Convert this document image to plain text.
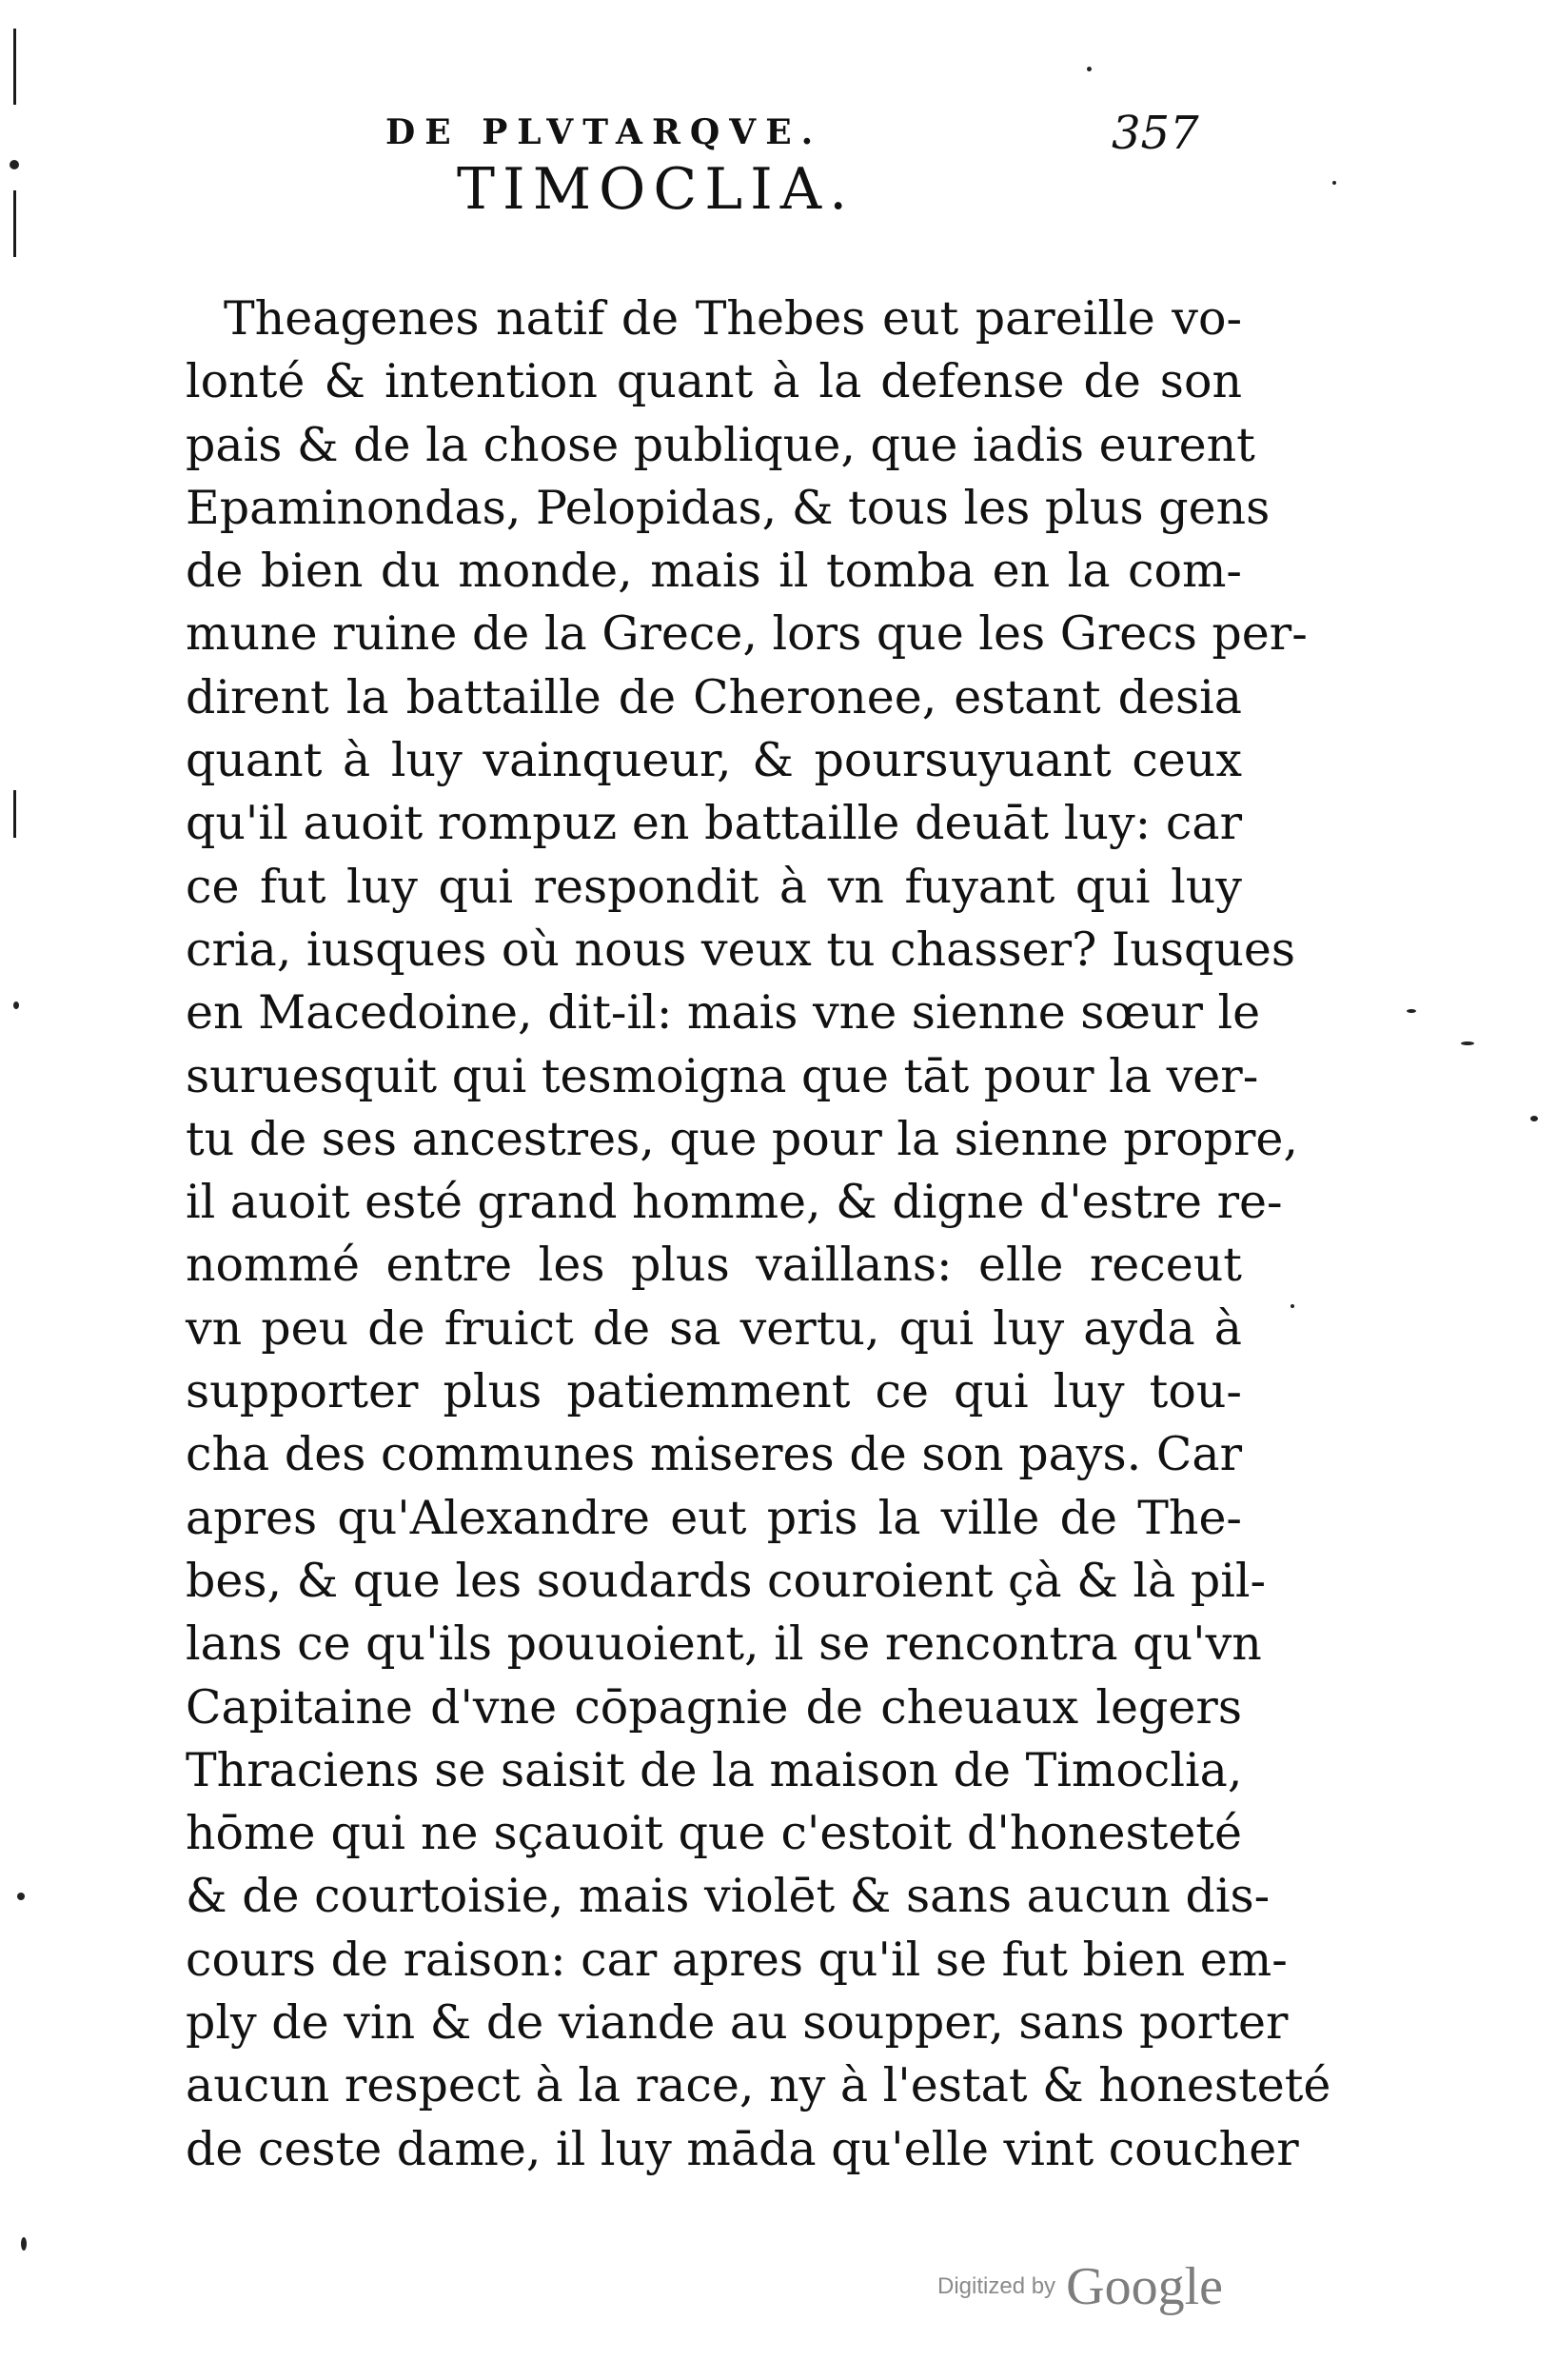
DE PLVTARQVE.	357
TIMOCLIA.
Theagenes natif de Thebes eut pareille vo-
lonté & intention quant à la defense de son
pais & de la chose publique, que iadis eurent
Epaminondas, Pelopidas, & tous les plus gens
de bien du monde, mais il tomba en la com-
mune ruine de la Grece, lors que les Grecs per-
dirent la battaille de Cheronee, estant desia
quant à luy vainqueur, & poursuyuant ceux
qu'il auoit rompuz en battaille deuāt luy: car
ce fut luy qui respondit à vn fuyant qui luy
cria, iusques où nous veux tu chasser? Iusques
en Macedoine, dit-il: mais vne sienne sœur le
suruesquit qui tesmoigna que tāt pour la ver-
tu de ses ancestres, que pour la sienne propre,
il auoit esté grand homme, & digne d'estre re-
nommé entre les plus vaillans: elle receut
vn peu de fruict de sa vertu, qui luy ayda à
supporter plus patiemment ce qui luy tou-
cha des communes miseres de son pays. Car
apres qu'Alexandre eut pris la ville de The-
bes, & que les soudards couroient çà & là pil-
lans ce qu'ils pouuoient, il se rencontra qu'vn
Capitaine d'vne cōpagnie de cheuaux legers
Thraciens se saisit de la maison de Timoclia,
hōme qui ne sçauoit que c'estoit d'honesteté
& de courtoisie, mais violēt & sans aucun dis-
cours de raison: car apres qu'il se fut bien em-
ply de vin & de viande au soupper, sans porter
aucun respect à la race, ny à l'estat & honesteté
de ceste dame, il luy māda qu'elle vint coucher
Digitized by Google
